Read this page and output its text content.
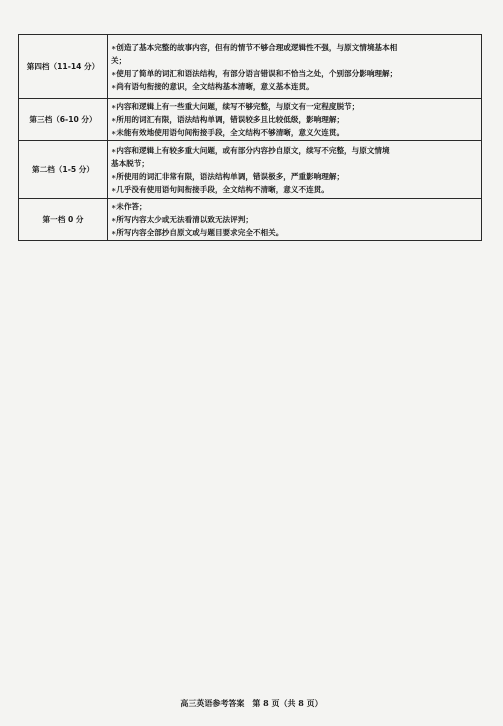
第四档（11-14 分）	∗创造了基本完整的故事内容，但有的情节不够合理或逻辑性不强，与原文情境基本相
关；
∗使用了简单的词汇和语法结构，有部分语言错误和不恰当之处，个别部分影响理解；
∗尚有语句衔接的意识，全文结构基本清晰，意义基本连贯。

第三档（6-10 分）	∗内容和逻辑上有一些重大问题，续写不够完整，与原文有一定程度脱节；
∗所用的词汇有限，语法结构单调，错误较多且比较低级，影响理解；
∗未能有效地使用语句间衔接手段，全文结构不够清晰，意义欠连贯。

第二档（1-5 分）	∗内容和逻辑上有较多重大问题，或有部分内容抄自原文，续写不完整，与原文情境
基本脱节；
∗所使用的词汇非常有限，语法结构单调，错误极多，严重影响理解；
∗几乎没有使用语句间衔接手段，全文结构不清晰，意义不连贯。

第一档 0 分	∗未作答；
∗所写内容太少或无法看清以致无法评判；
∗所写内容全部抄自原文或与题目要求完全不相关。
高三英语参考答案　第 8 页（共 8 页）
